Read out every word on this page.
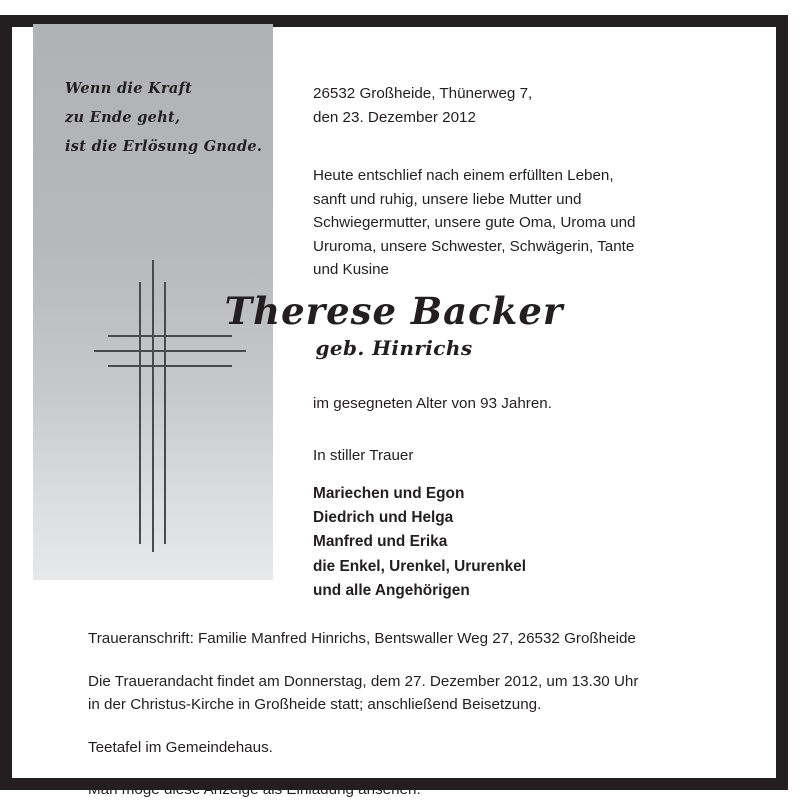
Wenn die Kraft
zu Ende geht,
ist die Erlösung Gnade.
26532 Großheide, Thünerweg 7,
den 23. Dezember 2012
Heute entschlief nach einem erfüllten Leben,
sanft und ruhig, unsere liebe Mutter und
Schwiegermutter, unsere gute Oma, Uroma und
Ururoma, unsere Schwester, Schwägerin, Tante
und Kusine
Therese Backer
geb. Hinrichs
im gesegneten Alter von 93 Jahren.
In stiller Trauer
Mariechen und Egon
Diedrich und Helga
Manfred und Erika
die Enkel, Urenkel, Ururenkel
und alle Angehörigen
Traueranschrift: Familie Manfred Hinrichs, Bentswaller Weg 27, 26532 Großheide
Die Trauerandacht findet am Donnerstag, dem 27. Dezember 2012, um 13.30 Uhr
in der Christus-Kirche in Großheide statt; anschließend Beisetzung.
Teetafel im Gemeindehaus.
Man möge diese Anzeige als Einladung ansehen.
